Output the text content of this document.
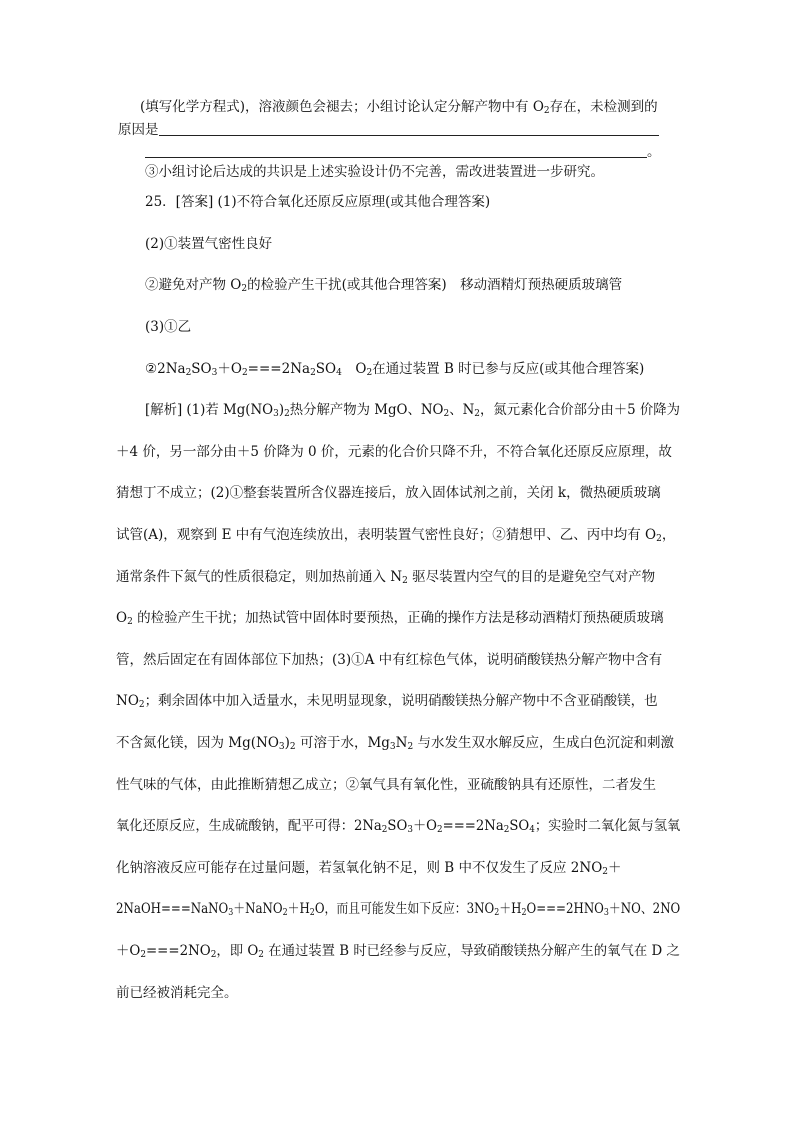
(填写化学方程式)，溶液颜色会褪去；小组讨论认定分解产物中有 $O_2$存在，未检测到的
原因是
。
③小组讨论后达成的共识是上述实验设计仍不完善，需改进装置进一步研究。
25．[答案] (1)不符合氧化还原反应原理(或其他合理答案)
(2)①装置气密性良好
②避免对产物 $O_2$的检验产生干扰(或其他合理答案)　移动酒精灯预热硬质玻璃管
(3)①乙
$②2Na_2SO_3+O_2===2Na_2SO_4$　$O_2$在通过装置 B 时已参与反应(或其他合理答案)
[解析] (1)若 $Mg(NO_3)_2$热分解产物为 MgO、$NO_2$、$N_2$，氮元素化合价部分由＋5 价降为
＋4 价，另一部分由＋5 价降为 0 价，元素的化合价只降不升，不符合氧化还原反应原理，故
猜想丁不成立；(2)①整套装置所含仪器连接后，放入固体试剂之前，关闭 k，微热硬质玻璃
试管(A)，观察到 E 中有气泡连续放出，表明装置气密性良好；②猜想甲、乙、丙中均有 $O_2$，
通常条件下氮气的性质很稳定，则加热前通入 $N_2$ 驱尽装置内空气的目的是避免空气对产物
$O_2$ 的检验产生干扰；加热试管中固体时要预热，正确的操作方法是移动酒精灯预热硬质玻璃
管，然后固定在有固体部位下加热；(3)①A 中有红棕色气体，说明硝酸镁热分解产物中含有
$NO_2$；剩余固体中加入适量水，未见明显现象，说明硝酸镁热分解产物中不含亚硝酸镁，也
不含氮化镁，因为 $Mg(NO_3)_2$ 可溶于水，$Mg_3N_2$ 与水发生双水解反应，生成白色沉淀和刺激
性气味的气体，由此推断猜想乙成立；②氧气具有氧化性，亚硫酸钠具有还原性，二者发生
氧化还原反应，生成硫酸钠，配平可得：$2Na_2SO_3+O_2===2Na_2SO_4$；实验时二氧化氮与氢氧
化钠溶液反应可能存在过量问题，若氢氧化钠不足，则 B 中不仅发生了反应 $2NO_2+$
$2NaOH===NaNO_3+NaNO_2+H_2O$，而且可能发生如下反应：$3NO_2+H_2O===2HNO_3+NO$、2NO
$+O_2===2NO_2$，即 $O_2$ 在通过装置 B 时已经参与反应，导致硝酸镁热分解产生的氧气在 D 之
前已经被消耗完全。
